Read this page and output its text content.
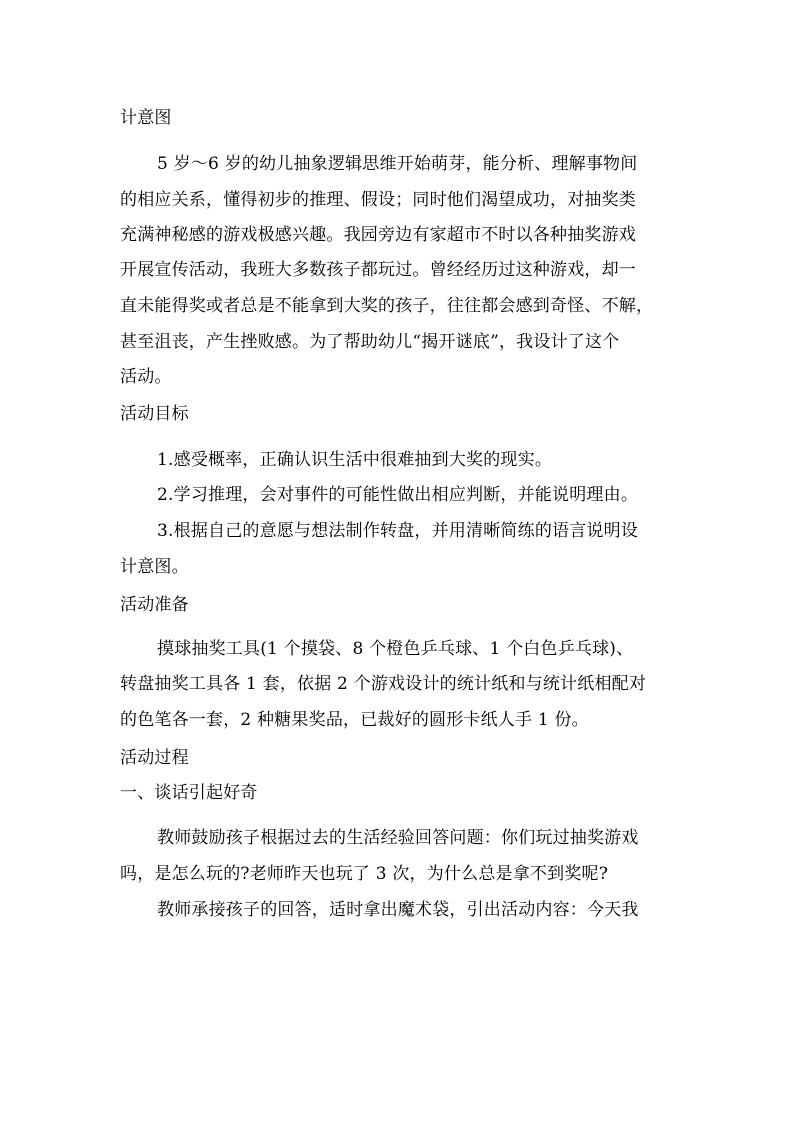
计意图
5 岁～6 岁的幼儿抽象逻辑思维开始萌芽，能分析、理解事物间
的相应关系，懂得初步的推理、假设；同时他们渴望成功，对抽奖类
充满神秘感的游戏极感兴趣。我园旁边有家超市不时以各种抽奖游戏
开展宣传活动，我班大多数孩子都玩过。曾经经历过这种游戏，却一
直未能得奖或者总是不能拿到大奖的孩子，往往都会感到奇怪、不解，
甚至沮丧，产生挫败感。为了帮助幼儿“揭开谜底”，我设计了这个
活动。
活动目标
1.感受概率，正确认识生活中很难抽到大奖的现实。
2.学习推理，会对事件的可能性做出相应判断，并能说明理由。
3.根据自己的意愿与想法制作转盘，并用清晰简练的语言说明设
计意图。
活动准备
摸球抽奖工具(1 个摸袋、8 个橙色乒乓球、1 个白色乒乓球)、
转盘抽奖工具各 1 套，依据 2 个游戏设计的统计纸和与统计纸相配对
的色笔各一套，2 种糖果奖品，已裁好的圆形卡纸人手 1 份。
活动过程
一、谈话引起好奇
教师鼓励孩子根据过去的生活经验回答问题：你们玩过抽奖游戏
吗，是怎么玩的?老师昨天也玩了 3 次，为什么总是拿不到奖呢?
教师承接孩子的回答，适时拿出魔术袋，引出活动内容：今天我
